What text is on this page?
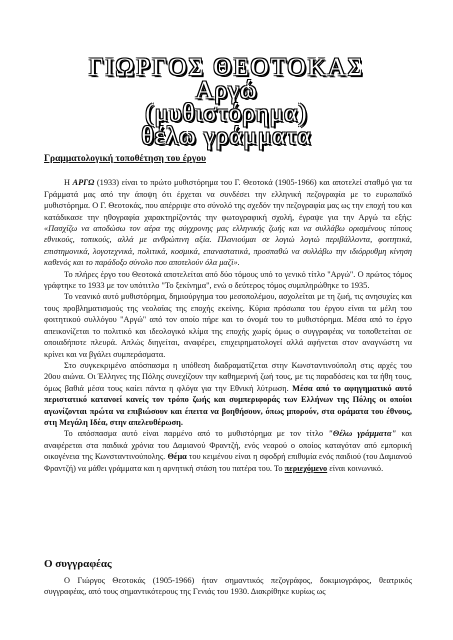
ΓΙΩΡΓΟΣ ΘΕΟΤΟΚΑΣ
Αργώ
(μυθιστόρημα)
θέλω γράμματα
Γραμματολογική τοποθέτηση του έργου

Η ΑΡΓΩ (1933) είναι το πρώτο μυθιστόρημα του Γ. Θεοτοκά (1905-1966) και αποτελεί σταθμό για τα Γράμματά μας από την άποψη ότι έρχεται να συνδέσει την ελληνική πεζογραφία με το ευρωπαϊκό μυθιστόρημα. Ο Γ. Θεοτοκάς, που απέρριψε στο σύνολό της σχεδόν την πεζογραφία μας ως την εποχή του και κατάδικασε την ηθογραφία χαρακτηρίζοντάς την φωτογραφική σχολή, έγραψε για την Αργώ τα εξής: «Πασχίζω να αποδώσω τον αέρα της σύγχρονης μας ελληνικής ζωής και να συλλάβω ορισμένους τύπους εθνικούς, τοπικούς, αλλά με ανθρώπινη αξία. Πλανιούμαι σε λογιώ λογιώ περιβάλλοντα, φοιτητικά, επιστημονικά, λογοτεχνικά, πολιτικά, κοσμικά, επαναστατικά, προσπαθώ να συλλάβω την ιδιόρρυθμη κίνηση καθενός και το παράδοξο σύνολο που αποτελούν όλα μαζί».

Το πλήρες έργο του Θεοτοκά αποτελείται από δύο τόμους υπό το γενικό τίτλο "Αργώ". Ο πρώτος τόμος γράφτηκε το 1933 με τον υπότιτλο "Το ξεκίνημα", ενώ ο δεύτερος τόμος συμπληρώθηκε το 1935.

Το νεανικό αυτό μυθιστόρημα, δημιούργημα του μεσοπολέμου, ασχολείται με τη ζωή, τις ανησυχίες και τους προβληματισμούς της νεολαίας της εποχής εκείνης. Κύρια πρόσωπα του έργου είναι τα μέλη του φοιτητικού συλλόγου "Αργώ" από τον οποίο πήρε και το όνομά του το μυθιστόρημα. Μέσα από το έργο απεικονίζεται το πολιτικό και ιδεολογικό κλίμα της εποχής χωρίς όμως ο συγγραφέας να τοποθετείται σε οποιαδήποτε πλευρά. Απλώς διηγείται, αναφέρει, επιχειρηματολογεί αλλά αφήνεται στον αναγνώστη να κρίνει και να βγάλει συμπεράσματα.

Στο συγκεκριμένο απόσπασμα η υπόθεση διαδραματίζεται στην Κωνσταντινούπολη στις αρχές του 20ου αιώνα. Οι Έλληνες της Πόλης συνεχίζουν την καθημερινή ζωή τους, με τις παραδόσεις και τα ήθη τους, όμως βαθιά μέσα τους καίει πάντα η φλόγα για την Εθνική λύτρωση. Μέσα από το αφηγηματικό αυτό περιστατικό κατανοεί κανείς τον τρόπο ζωής και συμπεριφοράς των Ελλήνων της Πόλης οι οποίοι αγωνίζονται πρώτα να επιβιώσουν και έπειτα να βοηθήσουν, όπως μπορούν, στα οράματα του έθνους, στη Μεγάλη Ιδέα, στην απελευθέρωση.

Το απόσπασμα αυτό είναι παρμένο από το μυθιστόρημα με τον τίτλο "Θέλω γράμματα" και αναφέρεται στα παιδικά χρόνια του Δαμιανού Φραντζή, ενός νεαρού ο οποίος καταγόταν από εμπορική οικογένεια της Κωνσταντινούπολης. Θέμα του κειμένου είναι η σφοδρή επιθυμία ενός παιδιού (του Δαμιανού Φραντζή) να μάθει γράμματα και η αρνητική στάση του πατέρα του. Το περιεχόμενο είναι κοινωνικό.

Ο συγγραφέας

Ο Γιώργος Θεοτοκάς (1905-1966) ήταν σημαντικός πεζογράφος, δοκιμιογράφος, θεατρικός συγγραφέας, από τους σημαντικότερους της Γενιάς του 1930. Διακρίθηκε κυρίως ως
